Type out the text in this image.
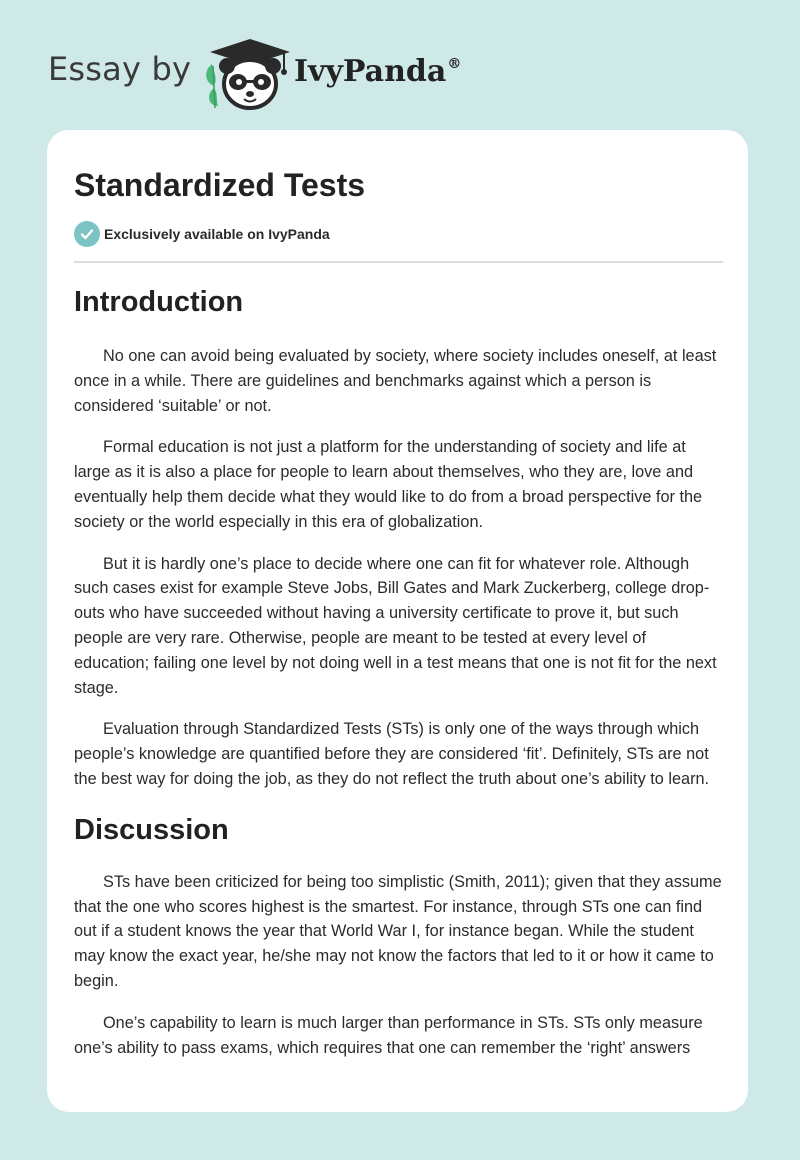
Essay by	IvyPanda®
Standardized Tests
Exclusively available on IvyPanda
Introduction

No one can avoid being evaluated by society, where society includes oneself, at least once in a while. There are guidelines and benchmarks against which a person is considered ‘suitable’ or not.

Formal education is not just a platform for the understanding of society and life at large as it is also a place for people to learn about themselves, who they are, love and eventually help them decide what they would like to do from a broad perspective for the society or the world especially in this era of globalization.

But it is hardly one’s place to decide where one can fit for whatever role. Although such cases exist for example Steve Jobs, Bill Gates and Mark Zuckerberg, college drop-outs who have succeeded without having a university certificate to prove it, but such people are very rare. Otherwise, people are meant to be tested at every level of education; failing one level by not doing well in a test means that one is not fit for the next stage.

Evaluation through Standardized Tests (STs) is only one of the ways through which people’s knowledge are quantified before they are considered ‘fit’. Definitely, STs are not the best way for doing the job, as they do not reflect the truth about one’s ability to learn.

Discussion

STs have been criticized for being too simplistic (Smith, 2011); given that they assume that the one who scores highest is the smartest. For instance, through STs one can find out if a student knows the year that World War I, for instance began. While the student may know the exact year, he/she may not know the factors that led to it or how it came to begin.

One’s capability to learn is much larger than performance in STs. STs only measure one’s ability to pass exams, which requires that one can remember the ‘right’ answers
